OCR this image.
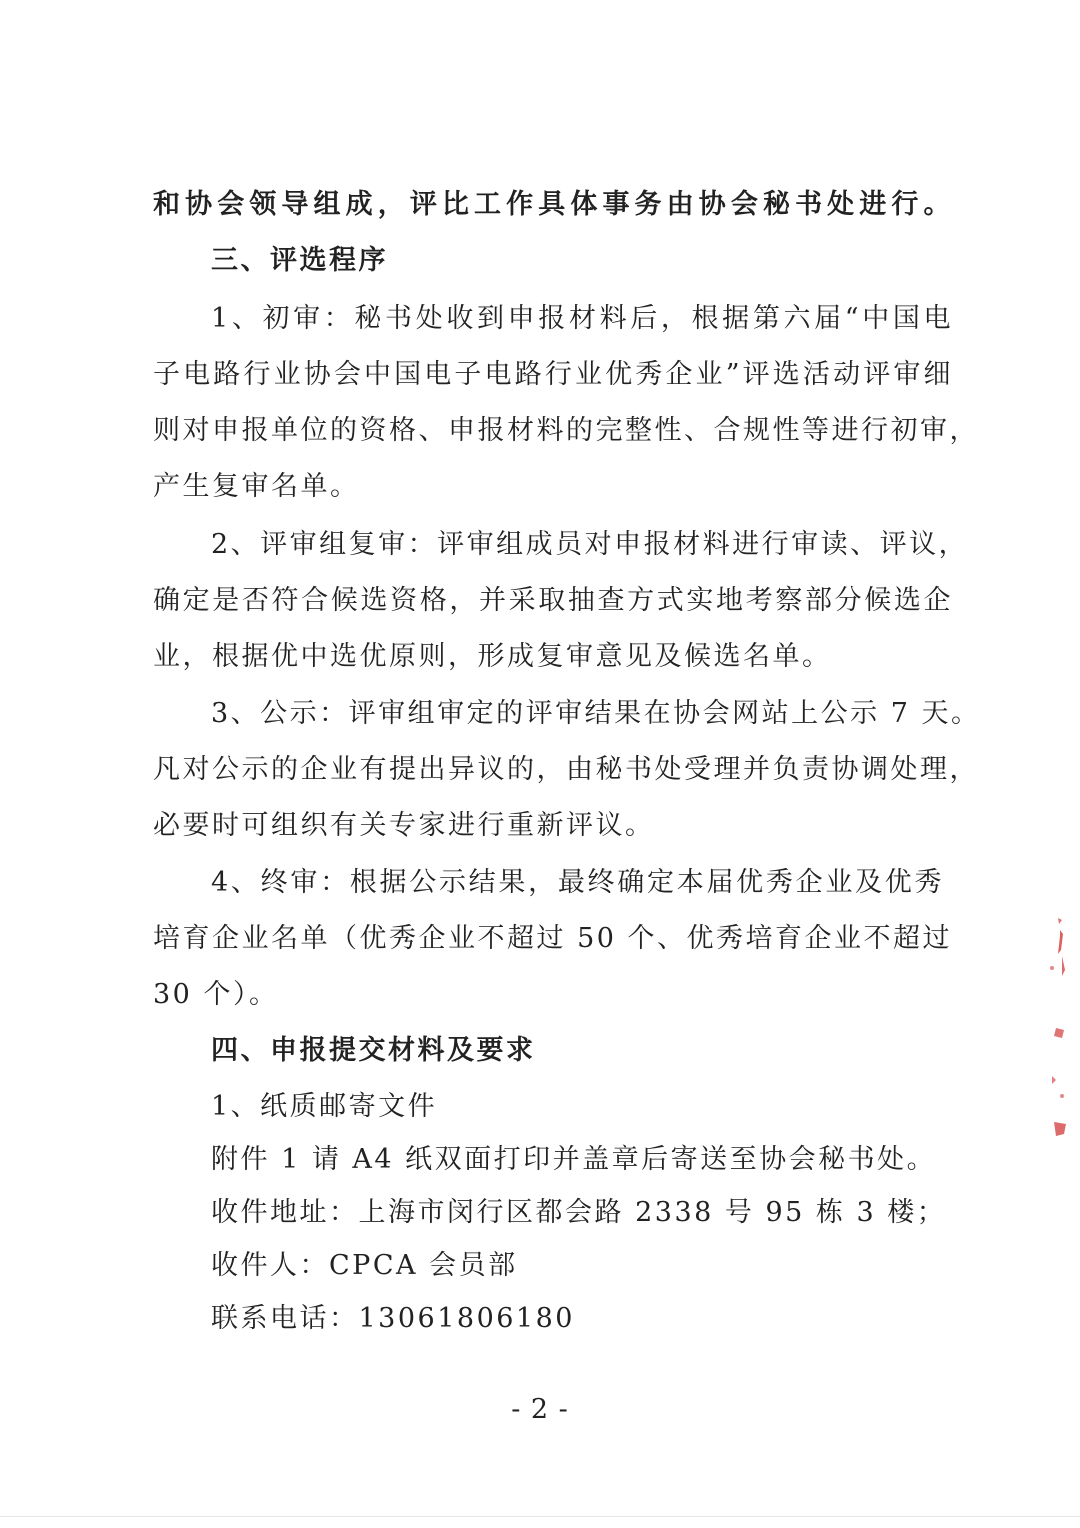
和协会领导组成，评比工作具体事务由协会秘书处进行。
三、评选程序
1、初审：秘书处收到申报材料后，根据第六届“中国电
子电路行业协会中国电子电路行业优秀企业”评选活动评审细
则对申报单位的资格、申报材料的完整性、合规性等进行初审，
产生复审名单。
2、评审组复审：评审组成员对申报材料进行审读、评议，
确定是否符合候选资格，并采取抽查方式实地考察部分候选企
业，根据优中选优原则，形成复审意见及候选名单。
3、公示：评审组审定的评审结果在协会网站上公示 7 天。
凡对公示的企业有提出异议的，由秘书处受理并负责协调处理，
必要时可组织有关专家进行重新评议。
4、终审：根据公示结果，最终确定本届优秀企业及优秀
培育企业名单（优秀企业不超过 50 个、优秀培育企业不超过
30 个）。
四、申报提交材料及要求
1、纸质邮寄文件
附件 1 请 A4 纸双面打印并盖章后寄送至协会秘书处。
收件地址：上海市闵行区都会路 2338 号 95 栋 3 楼；
收件人：CPCA 会员部
联系电话：13061806180
- 2 -
